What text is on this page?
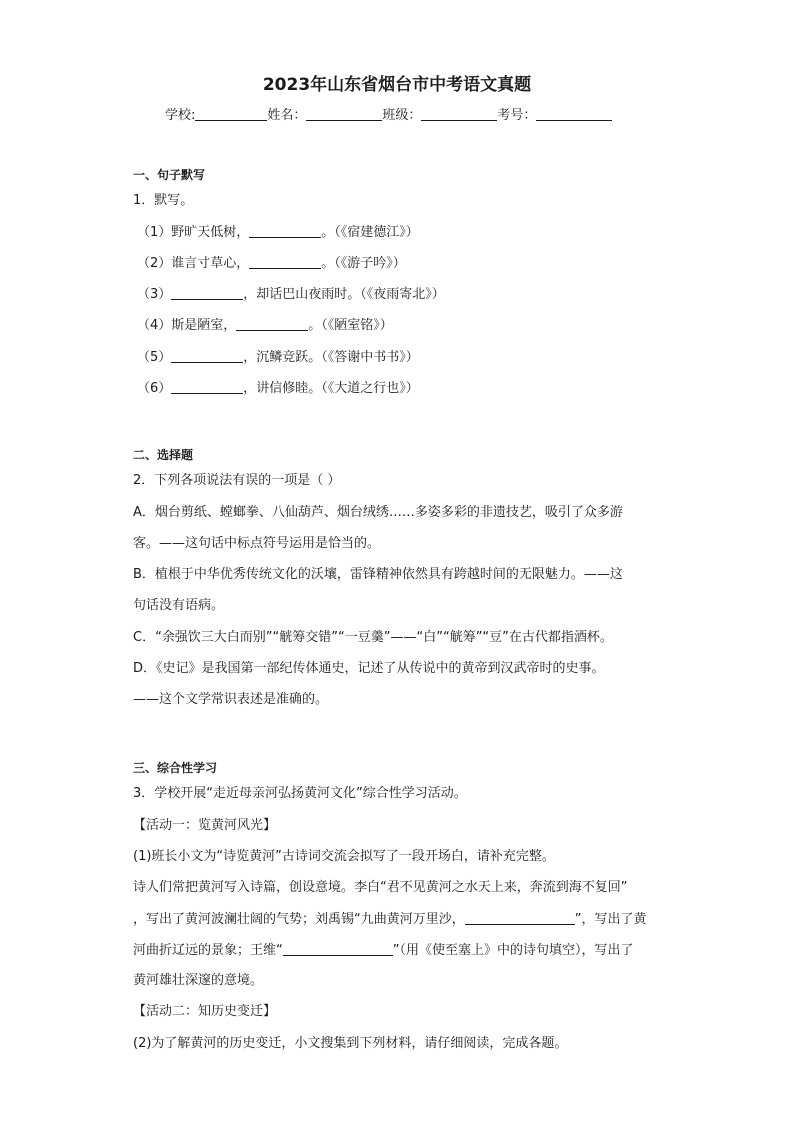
2023年山东省烟台市中考语文真题
学校:	姓名：	班级：	考号：
一、句子默写
1．默写。
（1）野旷天低树，	。（《宿建德江》）
（2）谁言寸草心，	。（《游子吟》）
（3）	，却话巴山夜雨时。（《夜雨寄北》）
（4）斯是陋室，	。（《陋室铭》）
（5）	，沉鳞竞跃。（《答谢中书书》）
（6）	，讲信修睦。（《大道之行也》）
二、选择题
2．下列各项说法有误的一项是（ ）
A．烟台剪纸、螳螂拳、八仙葫芦、烟台绒绣……多姿多彩的非遗技艺，吸引了众多游
客。——这句话中标点符号运用是恰当的。
B．植根于中华优秀传统文化的沃壤，雷锋精神依然具有跨越时间的无限魅力。——这
句话没有语病。
C．“余强饮三大白而别”“觥筹交错”“一豆羹”——“白”“觥筹”“豆”在古代都指酒杯。
D．《史记》是我国第一部纪传体通史，记述了从传说中的黄帝到汉武帝时的史事。
——这个文学常识表述是准确的。
三、综合性学习
3．学校开展“走近母亲河弘扬黄河文化”综合性学习活动。
【活动一：览黄河风光】
(1)班长小文为“诗览黄河”古诗词交流会拟写了一段开场白，请补充完整。
诗人们常把黄河写入诗篇，创设意境。李白“君不见黄河之水天上来，奔流到海不复回”
，写出了黄河波澜壮阔的气势；刘禹锡“九曲黄河万里沙，	”，写出了黄
河曲折辽远的景象；王维“	”（用《使至塞上》中的诗句填空），写出了
黄河雄壮深邃的意境。
【活动二：知历史变迁】
(2)为了解黄河的历史变迁，小文搜集到下列材料，请仔细阅读，完成各题。
